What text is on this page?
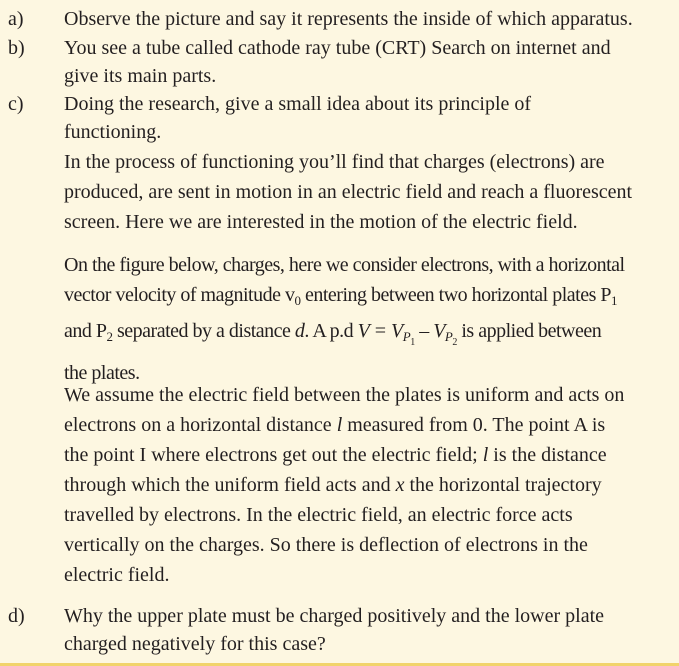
a) Observe the picture and say it represents the inside of which apparatus.
b) You see a tube called cathode ray tube (CRT) Search on internet and
give its main parts.
c) Doing the research, give a small idea about its principle of
functioning.
In the process of functioning you’ll find that charges (electrons) are
produced, are sent in motion in an electric field and reach a fluorescent
screen. Here we are interested in the motion of the electric field.
On the figure below, charges, here we consider electrons, with a horizontal
vector velocity of magnitude $v_0$ entering between two horizontal plates $P_1$
and $P_2$ separated by a distance d. A p.d $V = V_{P1} - V_{P2}$ is applied between
the plates.
We assume the electric field between the plates is uniform and acts on
electrons on a horizontal distance l measured from 0. The point A is
the point I where electrons get out the electric field; l is the distance
through which the uniform field acts and x the horizontal trajectory
travelled by electrons. In the electric field, an electric force acts
vertically on the charges. So there is deflection of electrons in the
electric field.
d) Why the upper plate must be charged positively and the lower plate
charged negatively for this case?
